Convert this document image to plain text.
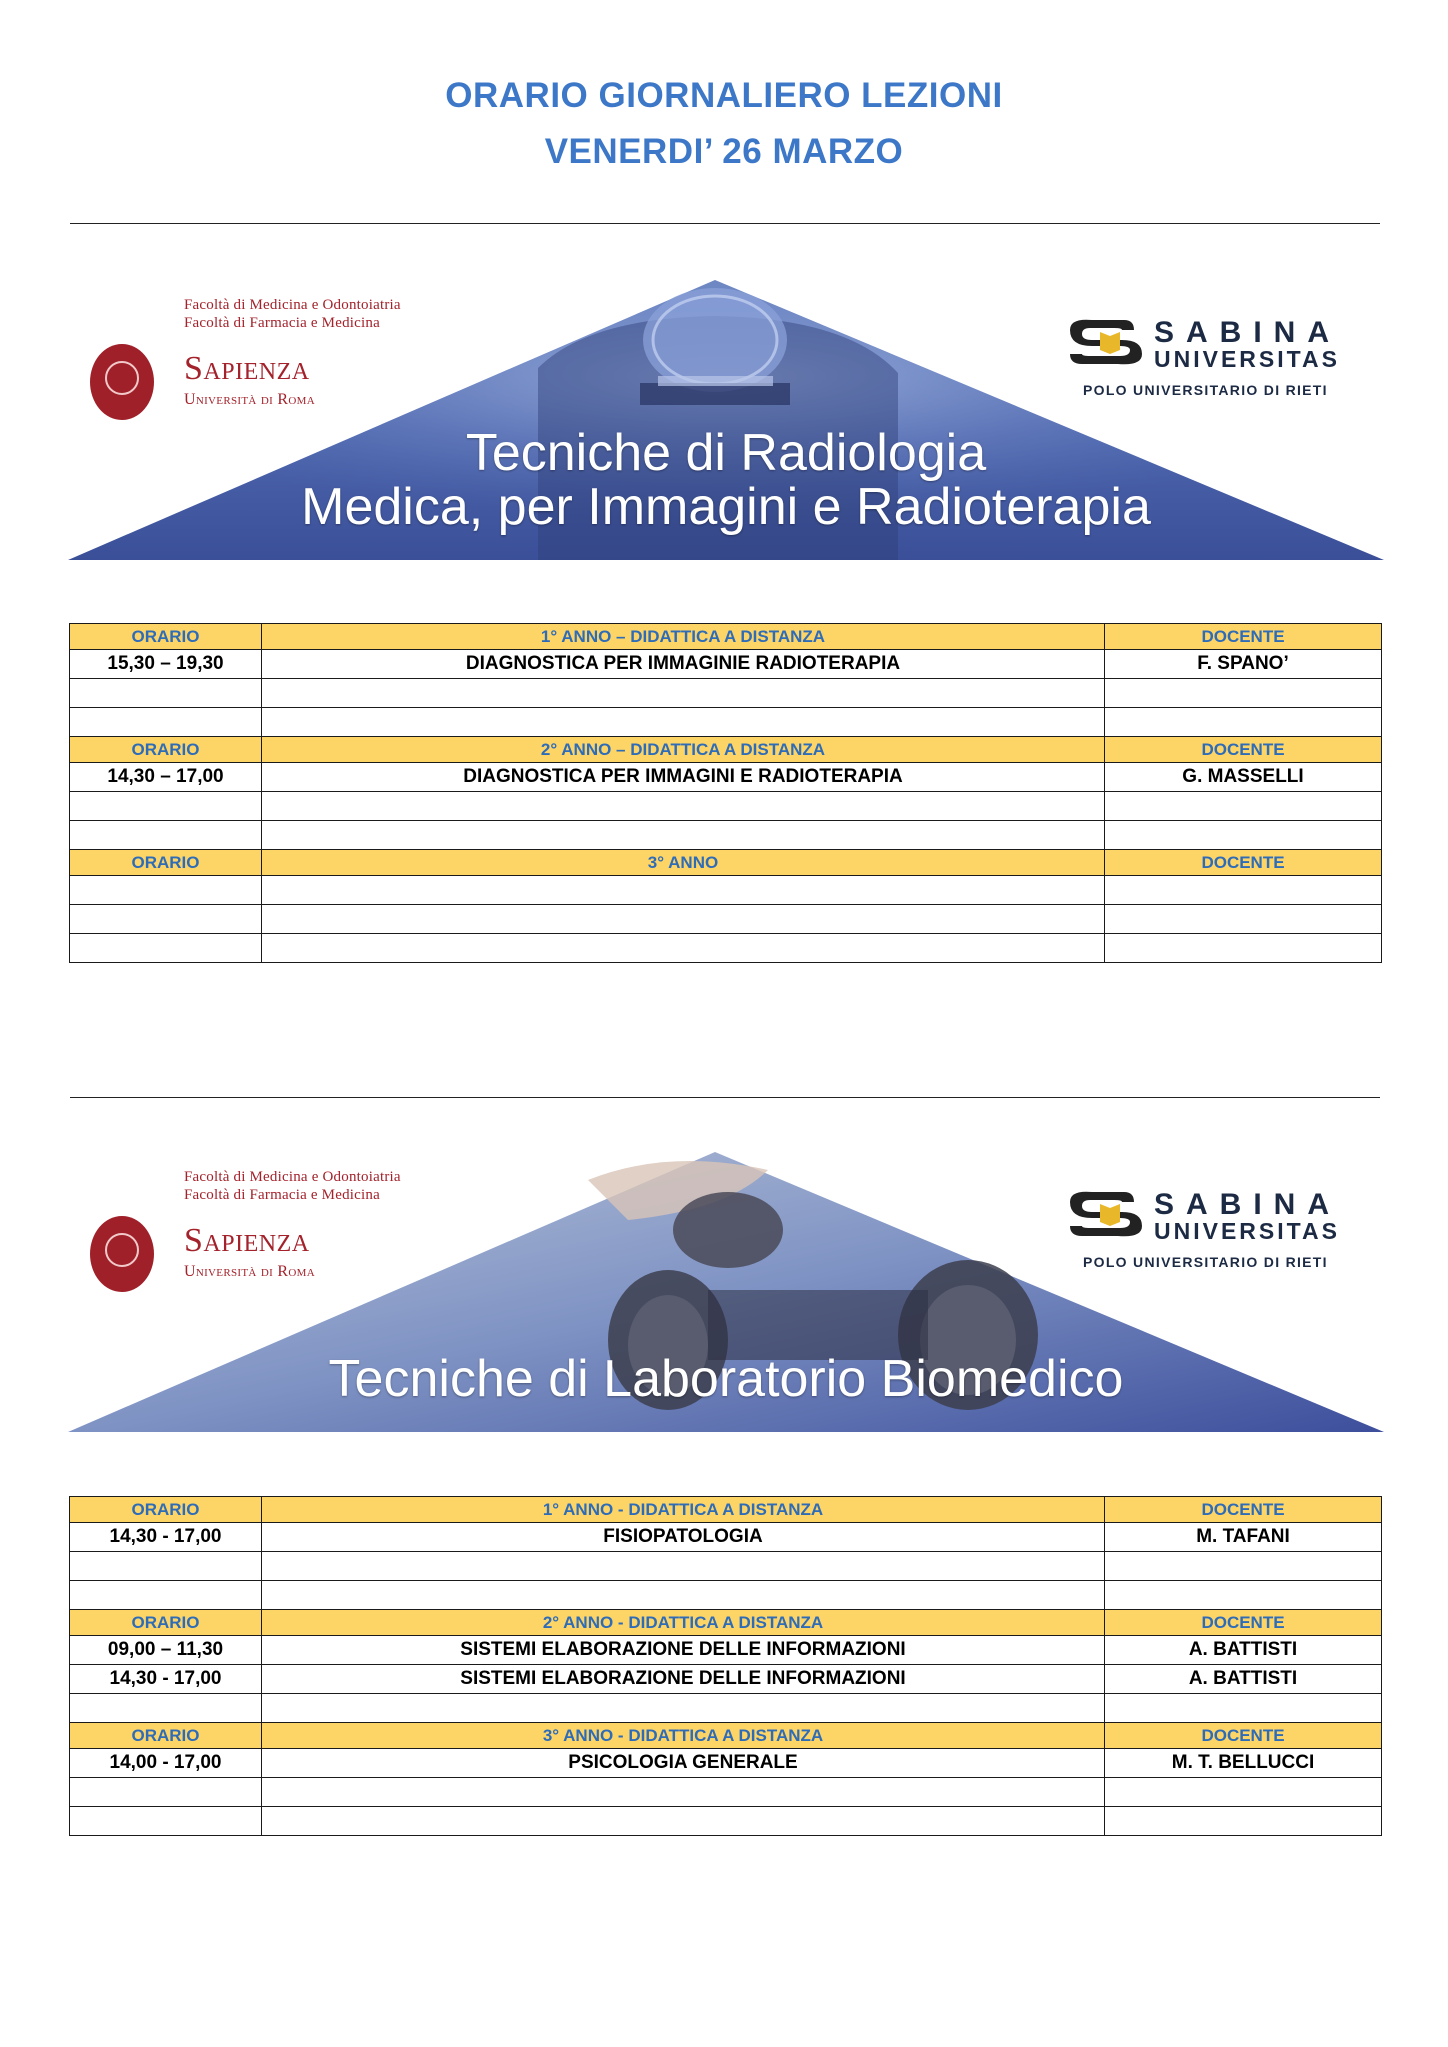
ORARIO GIORNALIERO LEZIONI
VENERDI’ 26 MARZO
Facoltà di Medicina e Odontoiatria
Facoltà di Farmacia e Medicina
Sapienza
Università di Roma
SABINA
UNIVERSITAS
POLO UNIVERSITARIO DI RIETI
Tecniche di Radiologia
Medica, per Immagini e Radioterapia
ORARIO	1° ANNO – DIDATTICA A DISTANZA	DOCENTE
15,30 – 19,30	DIAGNOSTICA PER IMMAGINIE RADIOTERAPIA	F. SPANO’

ORARIO	2° ANNO – DIDATTICA A DISTANZA	DOCENTE
14,30 – 17,00	DIAGNOSTICA PER IMMAGINI E RADIOTERAPIA	G. MASSELLI

ORARIO	3° ANNO	DOCENTE

Facoltà di Medicina e Odontoiatria
Facoltà di Farmacia e Medicina
Sapienza
Università di Roma
SABINA
UNIVERSITAS
POLO UNIVERSITARIO DI RIETI
Tecniche di Laboratorio Biomedico
ORARIO	1° ANNO - DIDATTICA A DISTANZA	DOCENTE
14,30 - 17,00	FISIOPATOLOGIA	M. TAFANI

ORARIO	2° ANNO - DIDATTICA A DISTANZA	DOCENTE
09,00 – 11,30	SISTEMI ELABORAZIONE DELLE INFORMAZIONI	A. BATTISTI
14,30 - 17,00	SISTEMI ELABORAZIONE DELLE INFORMAZIONI	A. BATTISTI

ORARIO	3° ANNO - DIDATTICA A DISTANZA	DOCENTE
14,00 - 17,00	PSICOLOGIA GENERALE	M. T. BELLUCCI
